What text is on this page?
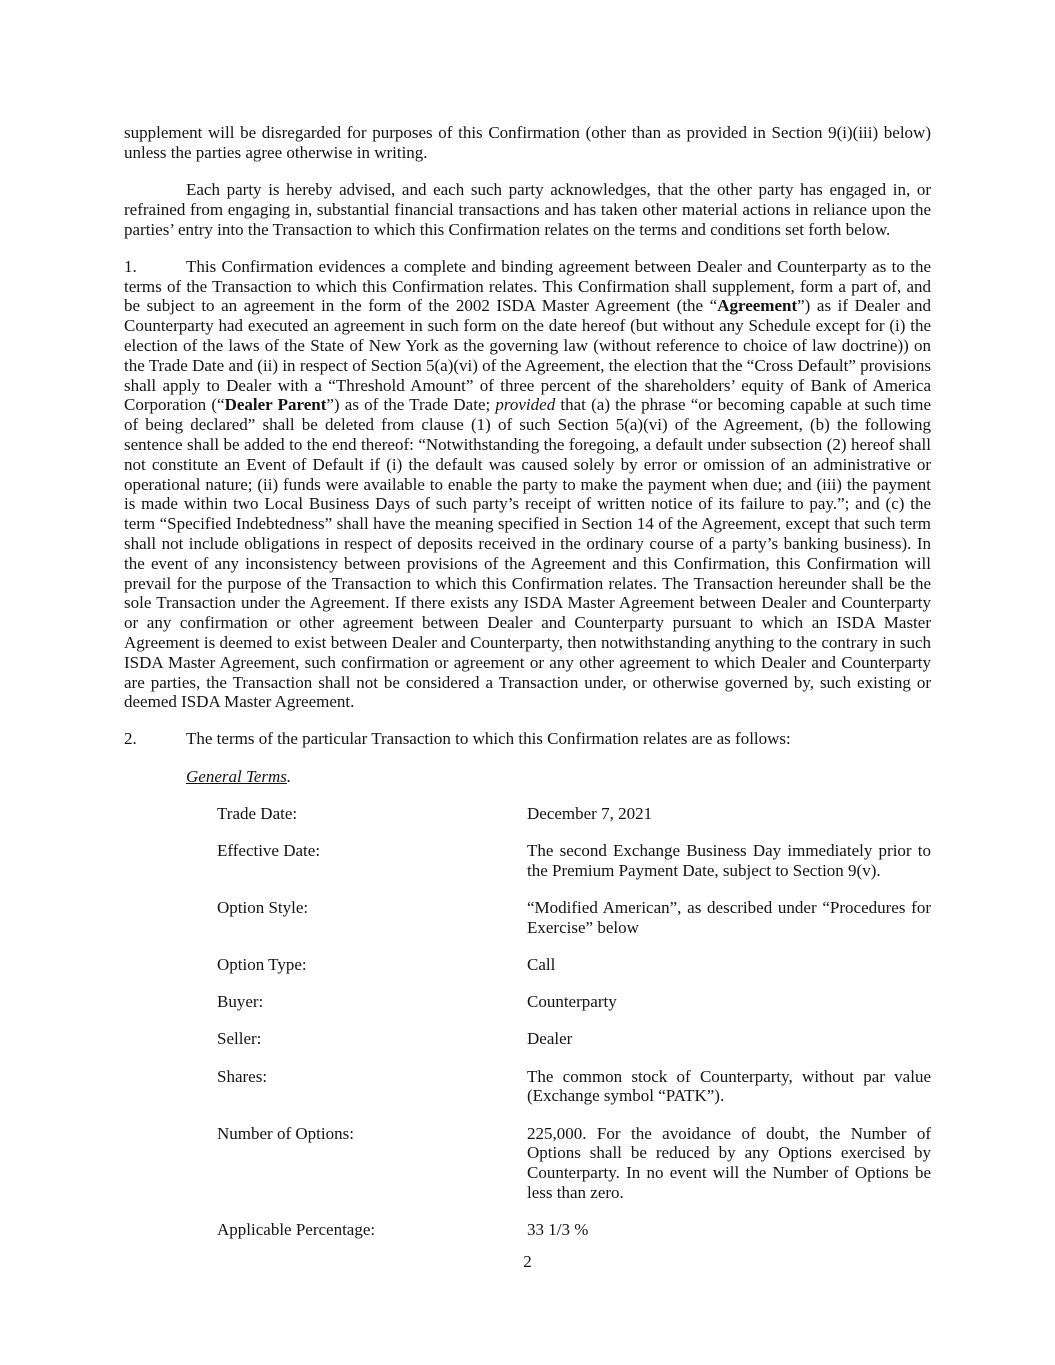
supplement will be disregarded for purposes of this Confirmation (other than as provided in Section 9(i)(iii) below) unless the parties agree otherwise in writing.

Each party is hereby advised, and each such party acknowledges, that the other party has engaged in, or refrained from engaging in, substantial financial transactions and has taken other material actions in reliance upon the parties’ entry into the Transaction to which this Confirmation relates on the terms and conditions set forth below.

1.	This Confirmation evidences a complete and binding agreement between Dealer and Counterparty as to the terms of the Transaction to which this Confirmation relates. This Confirmation shall supplement, form a part of, and be subject to an agreement in the form of the 2002 ISDA Master Agreement (the “Agreement”) as if Dealer and Counterparty had executed an agreement in such form on the date hereof (but without any Schedule except for (i) the election of the laws of the State of New York as the governing law (without reference to choice of law doctrine)) on the Trade Date and (ii) in respect of Section 5(a)(vi) of the Agreement, the election that the “Cross Default” provisions shall apply to Dealer with a “Threshold Amount” of three percent of the shareholders’ equity of Bank of America Corporation (“Dealer Parent”) as of the Trade Date; provided that (a) the phrase “or becoming capable at such time of being declared” shall be deleted from clause (1) of such Section 5(a)(vi) of the Agreement, (b) the following sentence shall be added to the end thereof: “Notwithstanding the foregoing, a default under subsection (2) hereof shall not constitute an Event of Default if (i) the default was caused solely by error or omission of an administrative or operational nature; (ii) funds were available to enable the party to make the payment when due; and (iii) the payment is made within two Local Business Days of such party’s receipt of written notice of its failure to pay.”; and (c) the term “Specified Indebtedness” shall have the meaning specified in Section 14 of the Agreement, except that such term shall not include obligations in respect of deposits received in the ordinary course of a party’s banking business). In the event of any inconsistency between provisions of the Agreement and this Confirmation, this Confirmation will prevail for the purpose of the Transaction to which this Confirmation relates. The Transaction hereunder shall be the sole Transaction under the Agreement. If there exists any ISDA Master Agreement between Dealer and Counterparty or any confirmation or other agreement between Dealer and Counterparty pursuant to which an ISDA Master Agreement is deemed to exist between Dealer and Counterparty, then notwithstanding anything to the contrary in such ISDA Master Agreement, such confirmation or agreement or any other agreement to which Dealer and Counterparty are parties, the Transaction shall not be considered a Transaction under, or otherwise governed by, such existing or deemed ISDA Master Agreement.

2.	The terms of the particular Transaction to which this Confirmation relates are as follows:

General Terms.
Trade Date:	December 7, 2021
Effective Date:	The second Exchange Business Day immediately prior to the Premium Payment Date, subject to Section 9(v).
Option Style:	“Modified American”, as described under “Procedures for Exercise” below
Option Type:	Call
Buyer:	Counterparty
Seller:	Dealer
Shares:	The common stock of Counterparty, without par value (Exchange symbol “PATK”).
Number of Options:	225,000. For the avoidance of doubt, the Number of Options shall be reduced by any Options exercised by Counterparty. In no event will the Number of Options be less than zero.
Applicable Percentage:	33 1/3 %
2
